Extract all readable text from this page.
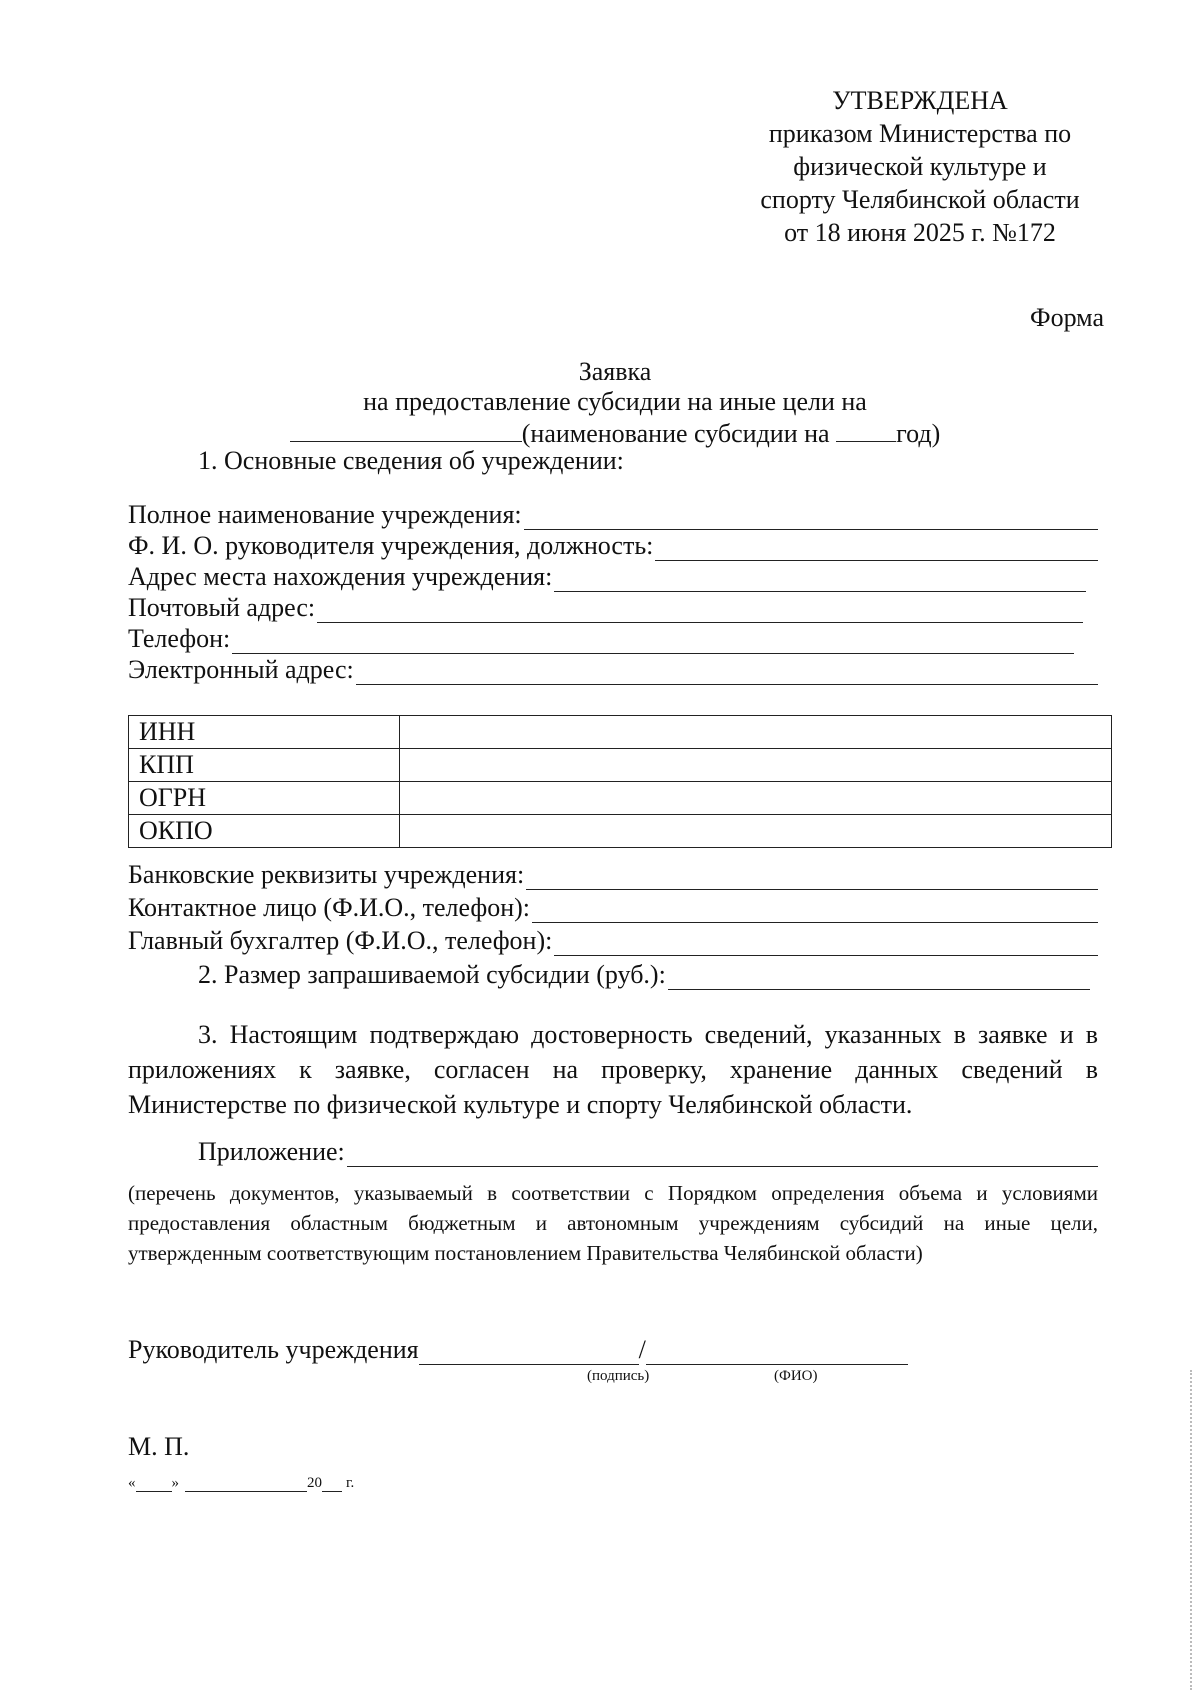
УТВЕРЖДЕНА
приказом Министерства по
физической культуре и
спорту Челябинской области
от 18 июня 2025 г. №172
Форма
Заявка
на предоставление субсидии на иные цели на
(наименование субсидии на год)
1. Основные сведения об учреждении:
Полное наименование учреждения:
Ф. И. О. руководителя учреждения, должность:
Адрес места нахождения учреждения:
Почтовый адрес:
Телефон:
Электронный адрес:
ИНН	
КПП	
ОГРН	
ОКПО	
Банковские реквизиты учреждения:
Контактное лицо (Ф.И.О., телефон):
Главный бухгалтер (Ф.И.О., телефон):
2. Размер запрашиваемой субсидии (руб.):

3. Настоящим подтверждаю достоверность сведений, указанных в заявке и в приложениях к заявке, согласен на проверку, хранение данных сведений в Министерстве по физической культуре и спорту Челябинской области.

Приложение:

(перечень документов, указываемый в соответствии с Порядком определения объема и условиями предоставления областным бюджетным и автономным учреждениям субсидий на иные цели, утвержденным соответствующим постановлением Правительства Челябинской области)

Руководитель учреждения	/
(подпись)	(ФИО)
М. П.
« »	20 г.
